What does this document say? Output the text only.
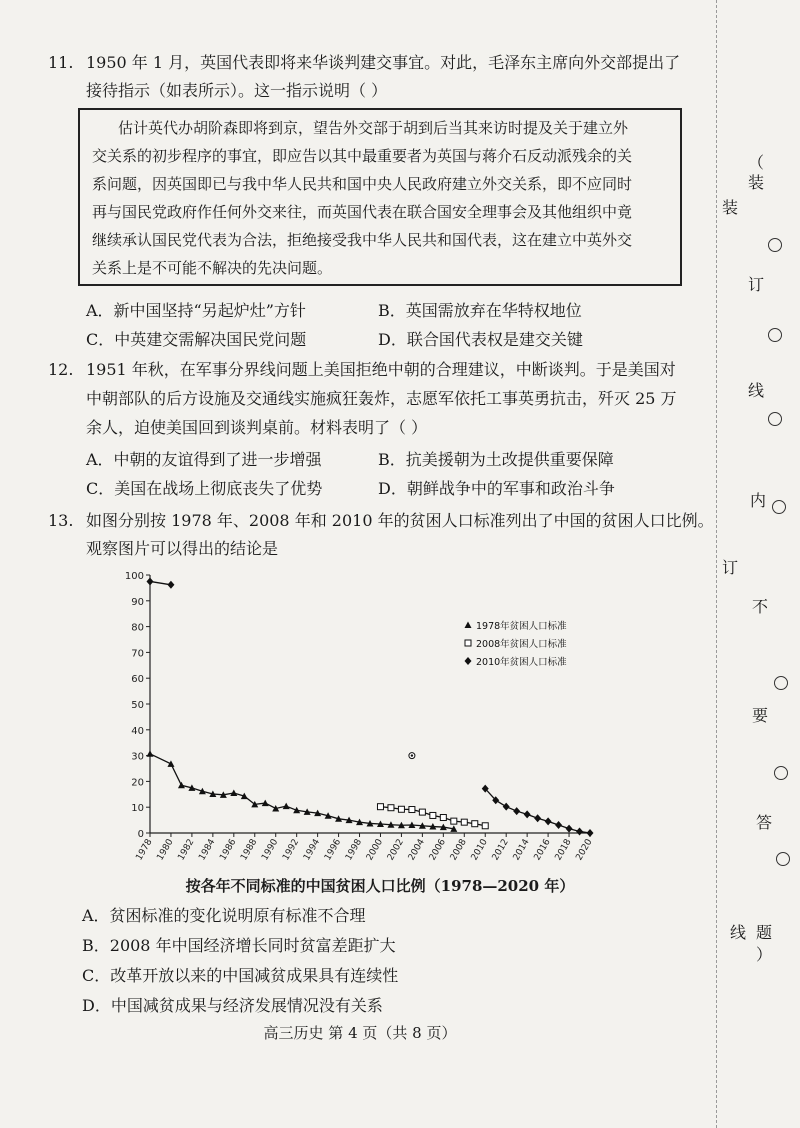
11. 1950 年 1 月，英国代表即将来华谈判建交事宜。对此，毛泽东主席向外交部提出了
接待指示（如表所示）。这一指示说明（ ）
估计英代办胡阶森即将到京，望告外交部于胡到后当其来访时提及关于建立外
交关系的初步程序的事宜，即应告以其中最重要者为英国与蒋介石反动派残余的关
系问题，因英国即已与我中华人民共和国中央人民政府建立外交关系，即不应同时
再与国民党政府作任何外交来往，而英国代表在联合国安全理事会及其他组织中竟
继续承认国民党代表为合法，拒绝接受我中华人民共和国代表，这在建立中英外交
关系上是不可能不解决的先决问题。
A．新中国坚持“另起炉灶”方针	B．英国需放弃在华特权地位
C．中英建交需解决国民党问题	D．联合国代表权是建交关键
12. 1951 年秋，在军事分界线问题上美国拒绝中朝的合理建议，中断谈判。于是美国对
中朝部队的后方设施及交通线实施疯狂轰炸，志愿军依托工事英勇抗击，歼灭 25 万
余人，迫使美国回到谈判桌前。材料表明了（ ）
A．中朝的友谊得到了进一步增强	B．抗美援朝为土改提供重要保障
C．美国在战场上彻底丧失了优势	D．朝鲜战争中的军事和政治斗争
13. 如图分别按 1978 年、2008 年和 2010 年的贫困人口标准列出了中国的贫困人口比例。
观察图片可以得出的结论是
0
10
20
30
40
50
60
70
80
90
100
1978 1980 1982 1984 1986 1988 1990 1992 1994 1996 1998 2000 2002 2004 2006 2008 2010 2012 2014 2016 2018 2020
1978年贫困人口标准
2008年贫困人口标准
2010年贫困人口标准
按各年不同标准的中国贫困人口比例（1978—2020 年）
A．贫困标准的变化说明原有标准不合理
B．2008 年中国经济增长同时贫富差距扩大
C．改革开放以来的中国减贫成果具有连续性
D．中国减贫成果与经济发展情况没有关系
高三历史 第 4 页（共 8 页）
装
订
线
（
装
订
线
内
不
要
答
题
）
